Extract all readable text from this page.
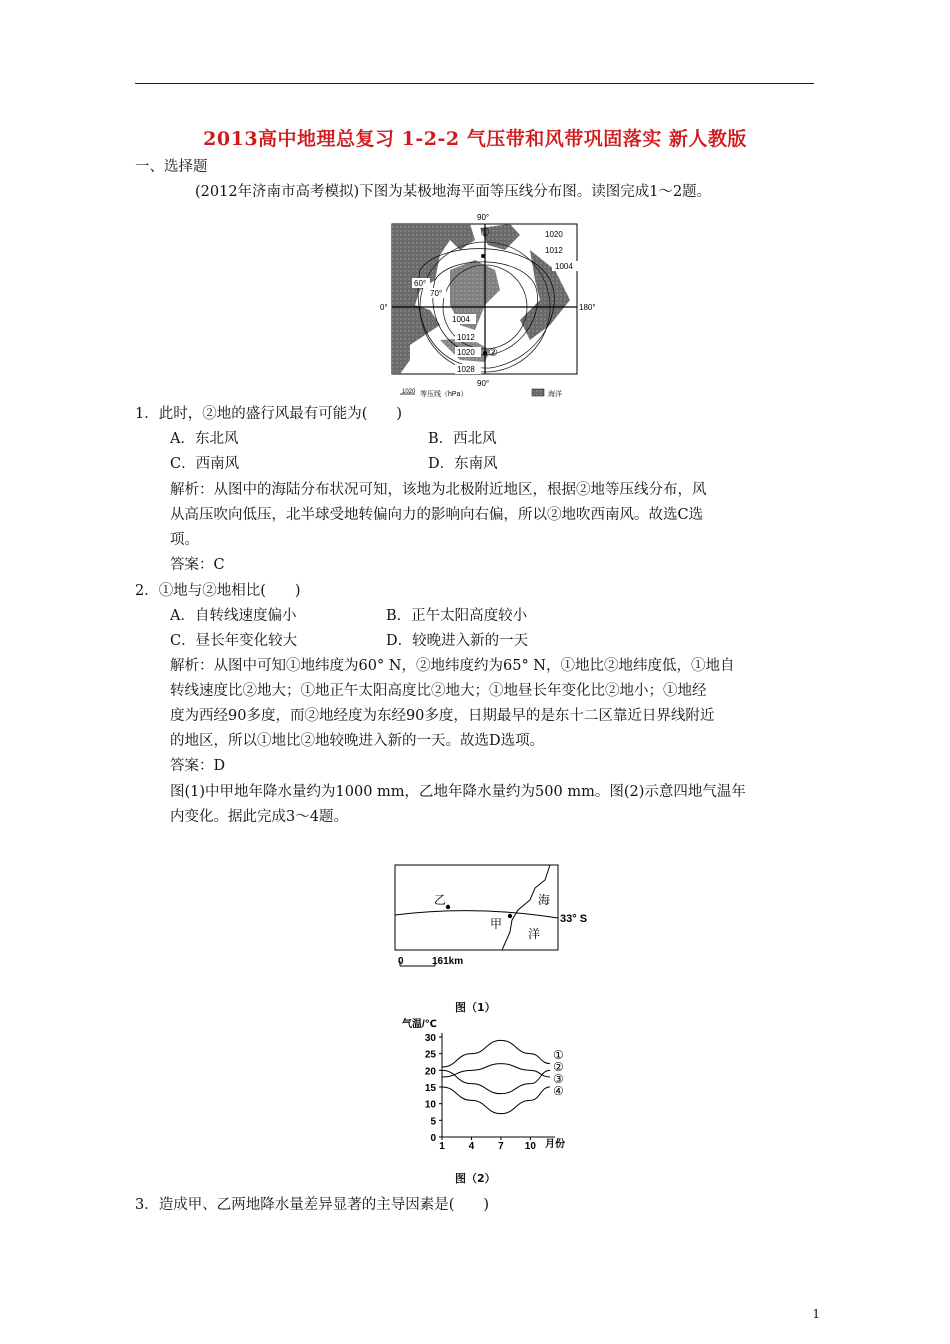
2013高中地理总复习 1-2-2 气压带和风带巩固落实 新人教版
一、选择题
(2012年济南市高考模拟)下图为某极地海平面等压线分布图。读图完成1～2题。
90°
90°
0°	180°
1020
1012
1004
60°
70°
1004
1012
1020
1028
①
②
1020 等压线（hPa）	海洋
1．此时，②地的盛行风最有可能为(　　)
A．东北风	B．西北风
C．西南风	D．东南风
解析：从图中的海陆分布状况可知，该地为北极附近地区，根据②地等压线分布，风
从高压吹向低压，北半球受地转偏向力的影响向右偏，所以②地吹西南风。故选C选
项。
答案：C
2．①地与②地相比(　　)
A．自转线速度偏小	B．正午太阳高度较小
C．昼长年变化较大	D．较晚进入新的一天
解析：从图中可知①地纬度为60° N，②地纬度约为65° N，①地比②地纬度低，①地自
转线速度比②地大；①地正午太阳高度比②地大；①地昼长年变化比②地小；①地经
度为西经90多度，而②地经度为东经90多度，日期最早的是东十二区靠近日界线附近
的地区，所以①地比②地较晚进入新的一天。故选D选项。
答案：D
图(1)中甲地年降水量约为1000 mm，乙地年降水量约为500 mm。图(2)示意四地气温年
内变化。据此完成3～4题。
乙
甲
海
洋
33° S
0	161km
图（1）
气温/℃
月份
30
25
20
15
10
5
0
1 4 7 10
①
②
③
④
图（2）
3．造成甲、乙两地降水量差异显著的主导因素是(　　)
1
